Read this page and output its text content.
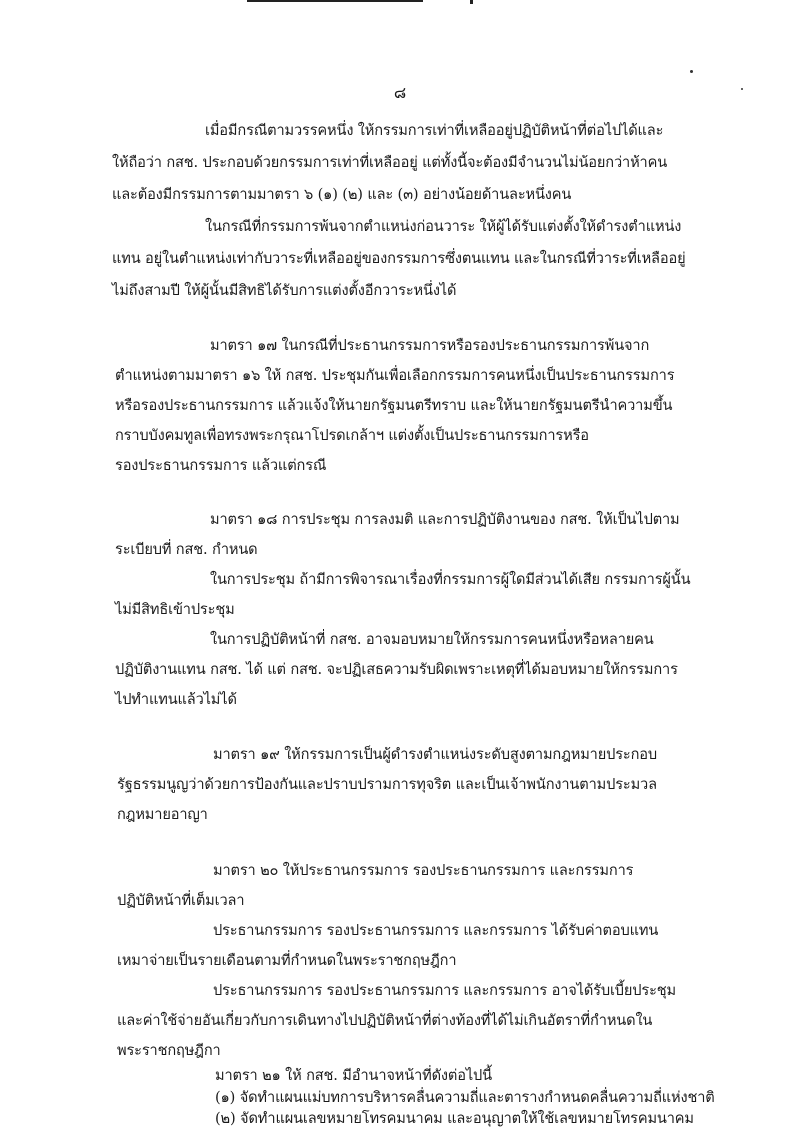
๘
เมื่อมีกรณีตามวรรคหนึ่ง ให้กรรมการเท่าที่เหลืออยู่ปฏิบัติหน้าที่ต่อไปได้และ
ให้ถือว่า กสช. ประกอบด้วยกรรมการเท่าที่เหลืออยู่ แต่ทั้งนี้จะต้องมีจำนวนไม่น้อยกว่าห้าคน
และต้องมีกรรมการตามมาตรา ๖ (๑) (๒) และ (๓) อย่างน้อยด้านละหนึ่งคน
ในกรณีที่กรรมการพ้นจากตำแหน่งก่อนวาระ ให้ผู้ได้รับแต่งตั้งให้ดำรงตำแหน่ง
แทน อยู่ในตำแหน่งเท่ากับวาระที่เหลืออยู่ของกรรมการซึ่งตนแทน และในกรณีที่วาระที่เหลืออยู่
ไม่ถึงสามปี ให้ผู้นั้นมีสิทธิได้รับการแต่งตั้งอีกวาระหนึ่งได้
มาตรา ๑๗ ในกรณีที่ประธานกรรมการหรือรองประธานกรรมการพ้นจาก
ตำแหน่งตามมาตรา ๑๖ ให้ กสช. ประชุมกันเพื่อเลือกกรรมการคนหนึ่งเป็นประธานกรรมการ
หรือรองประธานกรรมการ แล้วแจ้งให้นายกรัฐมนตรีทราบ และให้นายกรัฐมนตรีนำความขึ้น
กราบบังคมทูลเพื่อทรงพระกรุณาโปรดเกล้าฯ แต่งตั้งเป็นประธานกรรมการหรือ
รองประธานกรรมการ แล้วแต่กรณี
มาตรา ๑๘ การประชุม การลงมติ และการปฏิบัติงานของ กสช. ให้เป็นไปตาม
ระเบียบที่ กสช. กำหนด
ในการประชุม ถ้ามีการพิจารณาเรื่องที่กรรมการผู้ใดมีส่วนได้เสีย กรรมการผู้นั้น
ไม่มีสิทธิเข้าประชุม
ในการปฏิบัติหน้าที่ กสช. อาจมอบหมายให้กรรมการคนหนึ่งหรือหลายคน
ปฏิบัติงานแทน กสช. ได้ แต่ กสช. จะปฏิเสธความรับผิดเพราะเหตุที่ได้มอบหมายให้กรรมการ
ไปทำแทนแล้วไม่ได้
มาตรา ๑๙ ให้กรรมการเป็นผู้ดำรงตำแหน่งระดับสูงตามกฎหมายประกอบ
รัฐธรรมนูญว่าด้วยการป้องกันและปราบปรามการทุจริต และเป็นเจ้าพนักงานตามประมวล
กฎหมายอาญา
มาตรา ๒๐ ให้ประธานกรรมการ รองประธานกรรมการ และกรรมการ
ปฏิบัติหน้าที่เต็มเวลา
ประธานกรรมการ รองประธานกรรมการ และกรรมการ ได้รับค่าตอบแทน
เหมาจ่ายเป็นรายเดือนตามที่กำหนดในพระราชกฤษฎีกา
ประธานกรรมการ รองประธานกรรมการ และกรรมการ อาจได้รับเบี้ยประชุม
และค่าใช้จ่ายอันเกี่ยวกับการเดินทางไปปฏิบัติหน้าที่ต่างท้องที่ได้ไม่เกินอัตราที่กำหนดใน
พระราชกฤษฎีกา
มาตรา ๒๑ ให้ กสช. มีอำนาจหน้าที่ดังต่อไปนี้
(๑) จัดทำแผนแม่บทการบริหารคลื่นความถี่และตารางกำหนดคลื่นความถี่แห่งชาติ
(๒) จัดทำแผนเลขหมายโทรคมนาคม และอนุญาตให้ใช้เลขหมายโทรคมนาคม
